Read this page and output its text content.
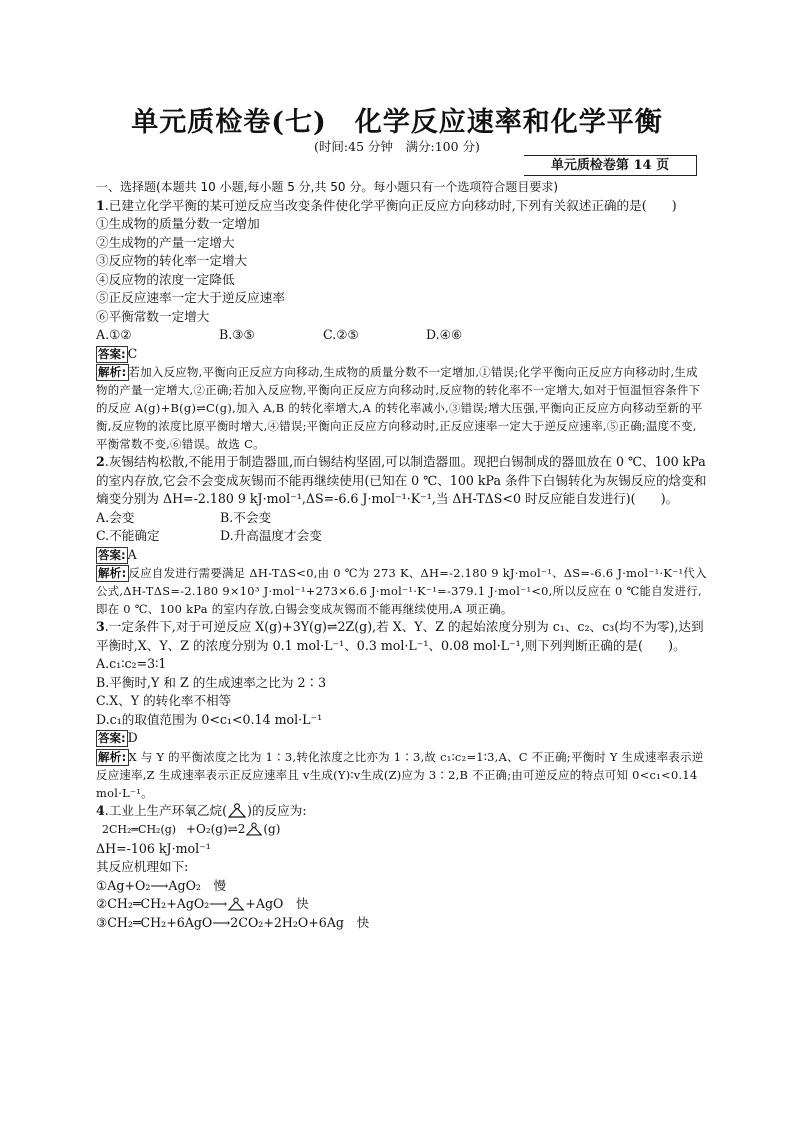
单元质检卷(七)　化学反应速率和化学平衡
(时间:45 分钟　满分:100 分)
单元质检卷第 14 页

一、选择题(本题共 10 小题,每小题 5 分,共 50 分。每小题只有一个选项符合题目要求)

1.已建立化学平衡的某可逆反应当改变条件使化学平衡向正反应方向移动时,下列有关叙述正确的是(　　)

①生成物的质量分数一定增加

②生成物的产量一定增大

③反应物的转化率一定增大

④反应物的浓度一定降低

⑤正反应速率一定大于逆反应速率

⑥平衡常数一定增大

A.①②	B.③⑤	C.②⑤	D.④⑥

答案: C

解析: 若加入反应物,平衡向正反应方向移动,生成物的质量分数不一定增加,①错误;化学平衡向正反应方向移动时,生成物的产量一定增大,②正确;若加入反应物,平衡向正反应方向移动时,反应物的转化率不一定增大,如对于恒温恒容条件下的反应 A(g)+B(g)⇌C(g),加入 A,B 的转化率增大,A 的转化率减小,③错误;增大压强,平衡向正反应方向移动至新的平衡,反应物的浓度比原平衡时增大,④错误;平衡向正反应方向移动时,正反应速率一定大于逆反应速率,⑤正确;温度不变,平衡常数不变,⑥错误。故选 C。

2.灰锡结构松散,不能用于制造器皿,而白锡结构坚固,可以制造器皿。现把白锡制成的器皿放在 0 ℃、100 kPa 的室内存放,它会不会变成灰锡而不能再继续使用(已知在 0 ℃、100 kPa 条件下白锡转化为灰锡反应的焓变和熵变分别为 ΔH=-2.180 9 kJ·mol⁻¹,ΔS=-6.6 J·mol⁻¹·K⁻¹,当 ΔH-TΔS<0 时反应能自发进行)(　　)。

A.会变	B.不会变

C.不能确定	D.升高温度才会变

答案: A

解析: 反应自发进行需要满足 ΔH-TΔS<0,由 0 ℃为 273 K、ΔH=-2.180 9 kJ·mol⁻¹、ΔS=-6.6 J·mol⁻¹·K⁻¹代入公式,ΔH-TΔS=-2.180 9×10³ J·mol⁻¹+273×6.6 J·mol⁻¹·K⁻¹=-379.1 J·mol⁻¹<0,所以反应在 0 ℃能自发进行,即在 0 ℃、100 kPa 的室内存放,白锡会变成灰锡而不能再继续使用,A 项正确。

3.一定条件下,对于可逆反应 X(g)+3Y(g)⇌2Z(g),若 X、Y、Z 的起始浓度分别为 c₁、c₂、c₃(均不为零),达到平衡时,X、Y、Z 的浓度分别为 0.1 mol·L⁻¹、0.3 mol·L⁻¹、0.08 mol·L⁻¹,则下列判断正确的是(　　)。

A.c₁∶c₂=3∶1

B.平衡时,Y 和 Z 的生成速率之比为 2∶3

C.X、Y 的转化率不相等

D.c₁的取值范围为 0<c₁<0.14 mol·L⁻¹

答案: D

解析: X 与 Y 的平衡浓度之比为 1∶3,转化浓度之比亦为 1∶3,故 c₁∶c₂=1∶3,A、C 不正确;平衡时 Y 生成速率表示逆反应速率,Z 生成速率表示正反应速率且 v生成(Y)∶v生成(Z)应为 3∶2,B 不正确;由可逆反应的特点可知 0<c₁<0.14 mol·L⁻¹。

4.工业上生产环氧乙烷( )的反应为:

2CH₂═CH₂(g) +O₂(g)⇌2 (g)

ΔH=-106 kJ·mol⁻¹

其反应机理如下:

①Ag+O₂⟶AgO₂　慢

②CH₂═CH₂+AgO₂⟶ +AgO　快

③CH₂═CH₂+6AgO⟶2CO₂+2H₂O+6Ag　快
